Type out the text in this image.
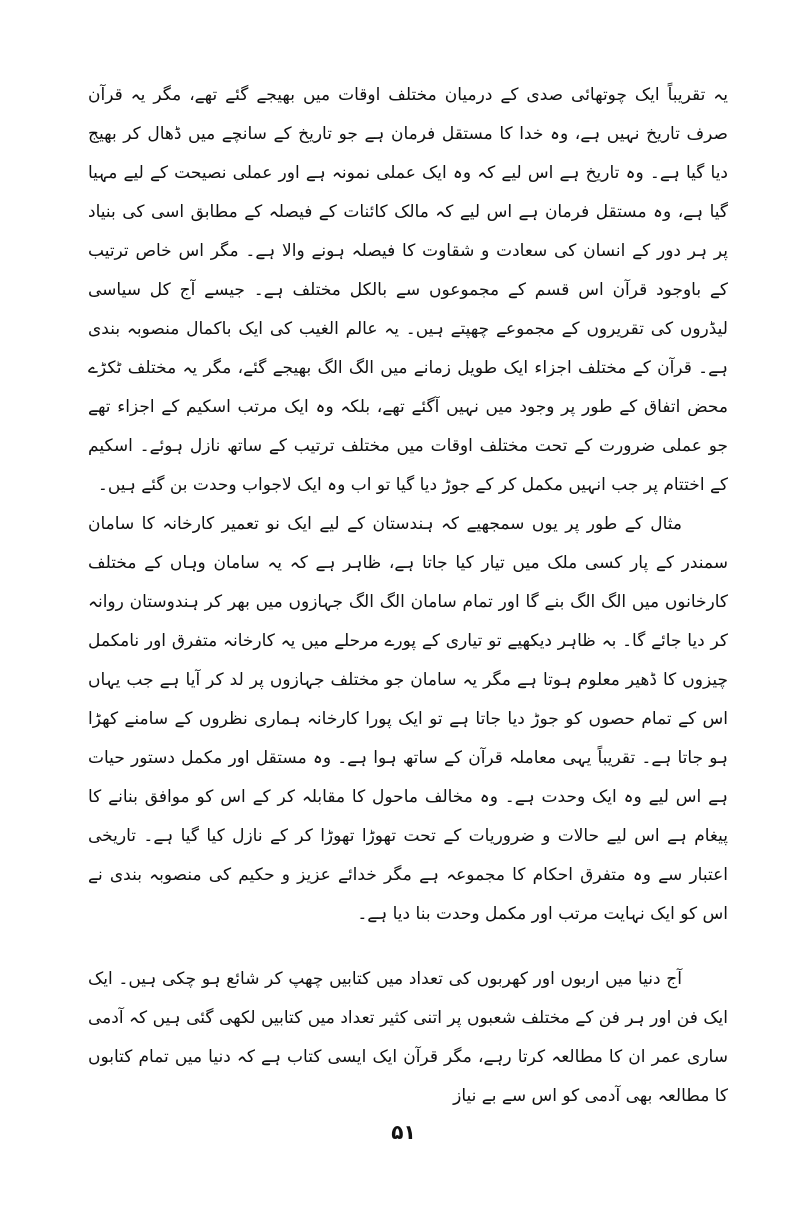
یہ تقریباً ایک چوتھائی صدی کے درمیان مختلف اوقات میں بھیجے گئے تھے، مگر یہ قرآن صرف تاریخ نہیں ہے، وہ خدا کا مستقل فرمان ہے جو تاریخ کے سانچے میں ڈھال کر بھیج دیا گیا ہے۔ وہ تاریخ ہے اس لیے کہ وہ ایک عملی نمونہ ہے اور عملی نصیحت کے لیے مہیا گیا ہے، وہ مستقل فرمان ہے اس لیے کہ مالک کائنات کے فیصلہ کے مطابق اسی کی بنیاد پر ہر دور کے انسان کی سعادت و شقاوت کا فیصلہ ہونے والا ہے۔ مگر اس خاص ترتیب کے باوجود قرآن اس قسم کے مجموعوں سے بالکل مختلف ہے۔ جیسے آج کل سیاسی لیڈروں کی تقریروں کے مجموعے چھپتے ہیں۔ یہ عالم الغیب کی ایک باکمال منصوبہ بندی ہے۔ قرآن کے مختلف اجزاء ایک طویل زمانے میں الگ الگ بھیجے گئے، مگر یہ مختلف ٹکڑے محض اتفاق کے طور پر وجود میں نہیں آگئے تھے، بلکہ وہ ایک مرتب اسکیم کے اجزاء تھے جو عملی ضرورت کے تحت مختلف اوقات میں مختلف ترتیب کے ساتھ نازل ہوئے۔ اسکیم کے اختتام پر جب انہیں مکمل کر کے جوڑ دیا گیا تو اب وہ ایک لاجواب وحدت بن گئے ہیں۔

مثال کے طور پر یوں سمجھیے کہ ہندستان کے لیے ایک نو تعمیر کارخانہ کا سامان سمندر کے پار کسی ملک میں تیار کیا جاتا ہے، ظاہر ہے کہ یہ سامان وہاں کے مختلف کارخانوں میں الگ الگ بنے گا اور تمام سامان الگ الگ جہازوں میں بھر کر ہندوستان روانہ کر دیا جائے گا۔ بہ ظاہر دیکھیے تو تیاری کے پورے مرحلے میں یہ کارخانہ متفرق اور نامکمل چیزوں کا ڈھیر معلوم ہوتا ہے مگر یہ سامان جو مختلف جہازوں پر لد کر آیا ہے جب یہاں اس کے تمام حصوں کو جوڑ دیا جاتا ہے تو ایک پورا کارخانہ ہماری نظروں کے سامنے کھڑا ہو جاتا ہے۔ تقریباً یہی معاملہ قرآن کے ساتھ ہوا ہے۔ وہ مستقل اور مکمل دستور حیات ہے اس لیے وہ ایک وحدت ہے۔ وہ مخالف ماحول کا مقابلہ کر کے اس کو موافق بنانے کا پیغام ہے اس لیے حالات و ضروریات کے تحت تھوڑا تھوڑا کر کے نازل کیا گیا ہے۔ تاریخی اعتبار سے وہ متفرق احکام کا مجموعہ ہے مگر خدائے عزیز و حکیم کی منصوبہ بندی نے اس کو ایک نہایت مرتب اور مکمل وحدت بنا دیا ہے۔

آج دنیا میں اربوں اور کھربوں کی تعداد میں کتابیں چھپ کر شائع ہو چکی ہیں۔ ایک ایک فن اور ہر فن کے مختلف شعبوں پر اتنی کثیر تعداد میں کتابیں لکھی گئی ہیں کہ آدمی ساری عمر ان کا مطالعہ کرتا رہے، مگر قرآن ایک ایسی کتاب ہے کہ دنیا میں تمام کتابوں کا مطالعہ بھی آدمی کو اس سے بے نیاز

۵۱
